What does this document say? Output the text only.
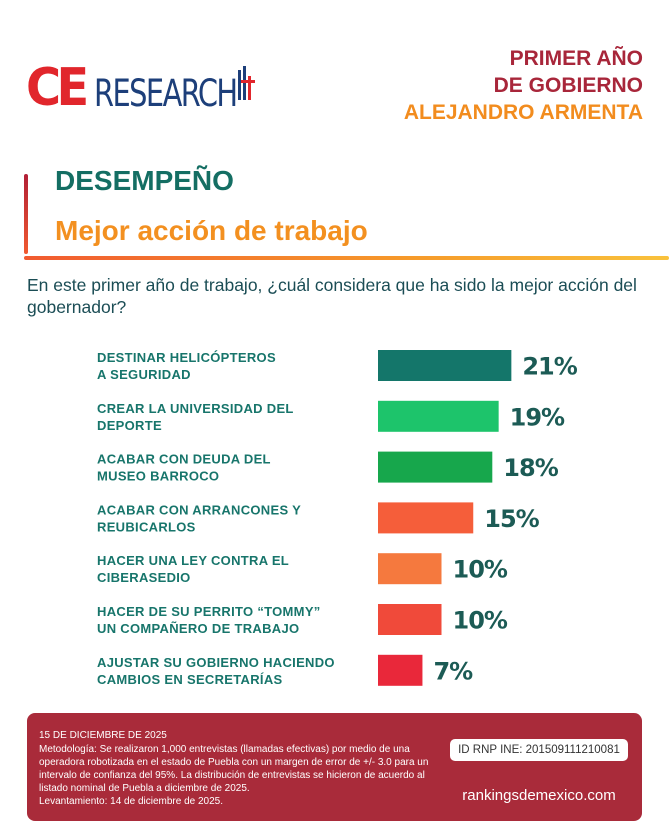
CE RESEARCH
PRIMER AÑO
DE GOBIERNO
ALEJANDRO ARMENTA
DESEMPEÑO
Mejor acción de trabajo
En este primer año de trabajo, ¿cuál considera que ha sido la mejor acción del gobernador?
21%
DESTINAR HELICÓPTEROS A SEGURIDAD
19%
CREAR LA UNIVERSIDAD DEL DEPORTE
18%
ACABAR CON DEUDA DEL MUSEO BARROCO
15%
ACABAR CON ARRANCONES Y REUBICARLOS
10%
HACER UNA LEY CONTRA EL CIBERASEDIO
10%
HACER DE SU PERRITO “TOMMY” UN COMPAÑERO DE TRABAJO
7%
AJUSTAR SU GOBIERNO HACIENDO CAMBIOS EN SECRETARÍAS
15 DE DICIEMBRE DE 2025
Metodología: Se realizaron 1,000 entrevistas (llamadas efectivas) por medio de una operadora robotizada en el estado de Puebla con un margen de error de +/- 3.0 para un intervalo de confianza del 95%. La distribución de entrevistas se hicieron de acuerdo al listado nominal de Puebla a diciembre de 2025.
Levantamiento: 14 de diciembre de 2025.
ID RNP INE: 201509111210081
rankingsdemexico.com
